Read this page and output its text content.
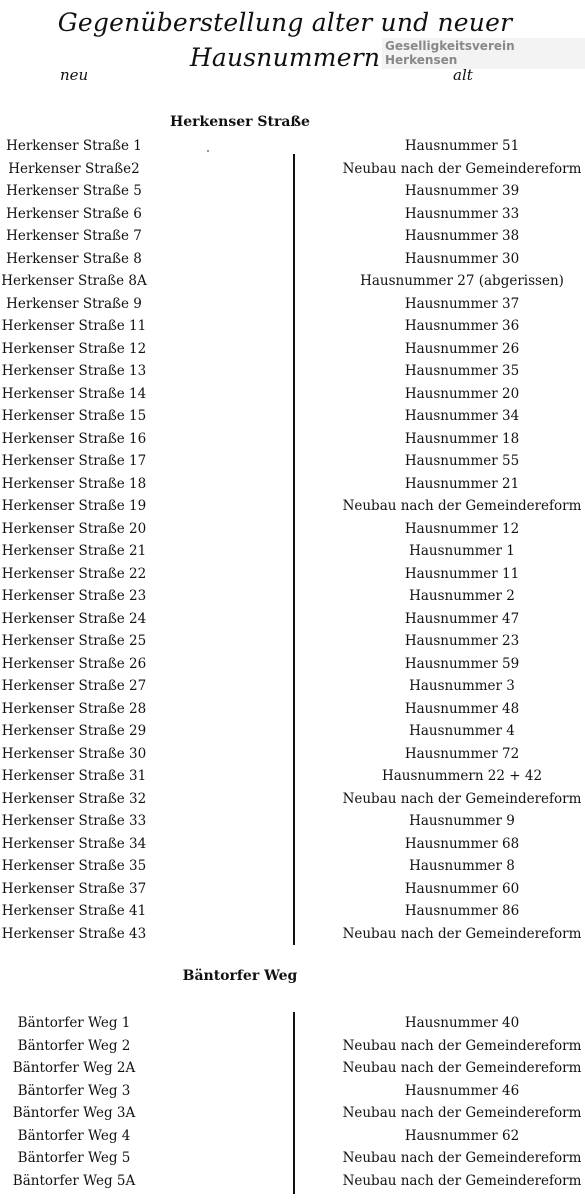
Gegenüberstellung alter und neuer
Hausnummern Geselligkeitsverein Herkensen
neu	alt
Herkenser Straße
Herkenser Straße 1	Hausnummer 51
Herkenser Straße2	Neubau nach der Gemeindereform
Herkenser Straße 5	Hausnummer 39
Herkenser Straße 6	Hausnummer 33
Herkenser Straße 7	Hausnummer 38
Herkenser Straße 8	Hausnummer 30
Herkenser Straße 8A	Hausnummer 27 (abgerissen)
Herkenser Straße 9	Hausnummer 37
Herkenser Straße 11	Hausnummer 36
Herkenser Straße 12	Hausnummer 26
Herkenser Straße 13	Hausnummer 35
Herkenser Straße 14	Hausnummer 20
Herkenser Straße 15	Hausnummer 34
Herkenser Straße 16	Hausnummer 18
Herkenser Straße 17	Hausnummer 55
Herkenser Straße 18	Hausnummer 21
Herkenser Straße 19	Neubau nach der Gemeindereform
Herkenser Straße 20	Hausnummer 12
Herkenser Straße 21	Hausnummer 1
Herkenser Straße 22	Hausnummer 11
Herkenser Straße 23	Hausnummer 2
Herkenser Straße 24	Hausnummer 47
Herkenser Straße 25	Hausnummer 23
Herkenser Straße 26	Hausnummer 59
Herkenser Straße 27	Hausnummer 3
Herkenser Straße 28	Hausnummer 48
Herkenser Straße 29	Hausnummer 4
Herkenser Straße 30	Hausnummer 72
Herkenser Straße 31	Hausnummern 22 + 42
Herkenser Straße 32	Neubau nach der Gemeindereform
Herkenser Straße 33	Hausnummer 9
Herkenser Straße 34	Hausnummer 68
Herkenser Straße 35	Hausnummer 8
Herkenser Straße 37	Hausnummer 60
Herkenser Straße 41	Hausnummer 86
Herkenser Straße 43	Neubau nach der Gemeindereform
Bäntorfer Weg
Bäntorfer Weg 1	Hausnummer 40
Bäntorfer Weg 2	Neubau nach der Gemeindereform
Bäntorfer Weg 2A	Neubau nach der Gemeindereform
Bäntorfer Weg 3	Hausnummer 46
Bäntorfer Weg 3A	Neubau nach der Gemeindereform
Bäntorfer Weg 4	Hausnummer 62
Bäntorfer Weg 5	Neubau nach der Gemeindereform
Bäntorfer Weg 5A	Neubau nach der Gemeindereform
